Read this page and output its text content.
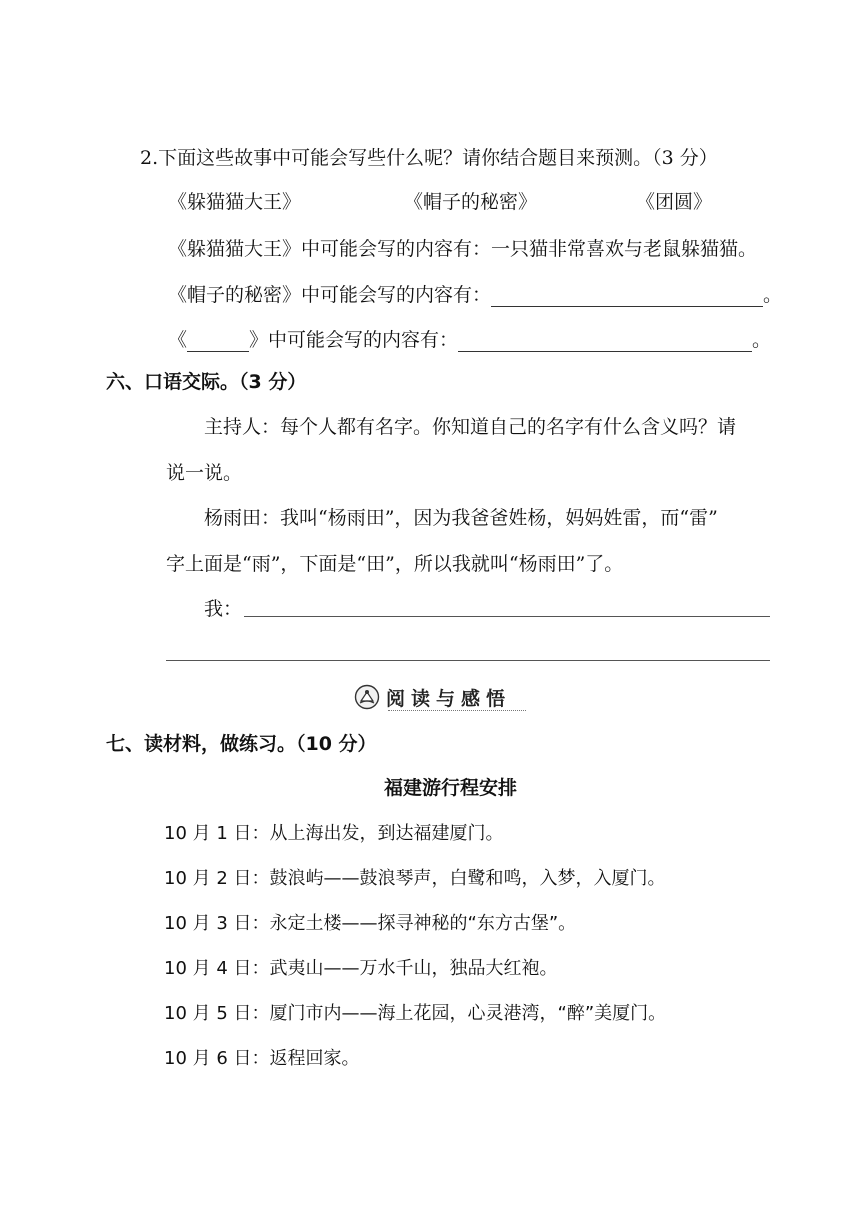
2.下面这些故事中可能会写些什么呢？请你结合题目来预测。（3 分）
《躲猫猫大王》	《帽子的秘密》	《团圆》
《躲猫猫大王》中可能会写的内容有：一只猫非常喜欢与老鼠躲猫猫。
《帽子的秘密》中可能会写的内容有：	。
《	》中可能会写的内容有：	。
六、口语交际。（3 分）
主持人：每个人都有名字。你知道自己的名字有什么含义吗？请
说一说。
杨雨田：我叫“杨雨田”，因为我爸爸姓杨，妈妈姓雷，而“雷”
字上面是“雨”，下面是“田”，所以我就叫“杨雨田”了。
我：
阅读与感悟
七、读材料，做练习。（10 分）
福建游行程安排
10 月 1 日：从上海出发，到达福建厦门。
10 月 2 日：鼓浪屿——鼓浪琴声，白鹭和鸣，入梦，入厦门。
10 月 3 日：永定土楼——探寻神秘的“东方古堡”。
10 月 4 日：武夷山——万水千山，独品大红袍。
10 月 5 日：厦门市内——海上花园，心灵港湾，“醉”美厦门。
10 月 6 日：返程回家。
